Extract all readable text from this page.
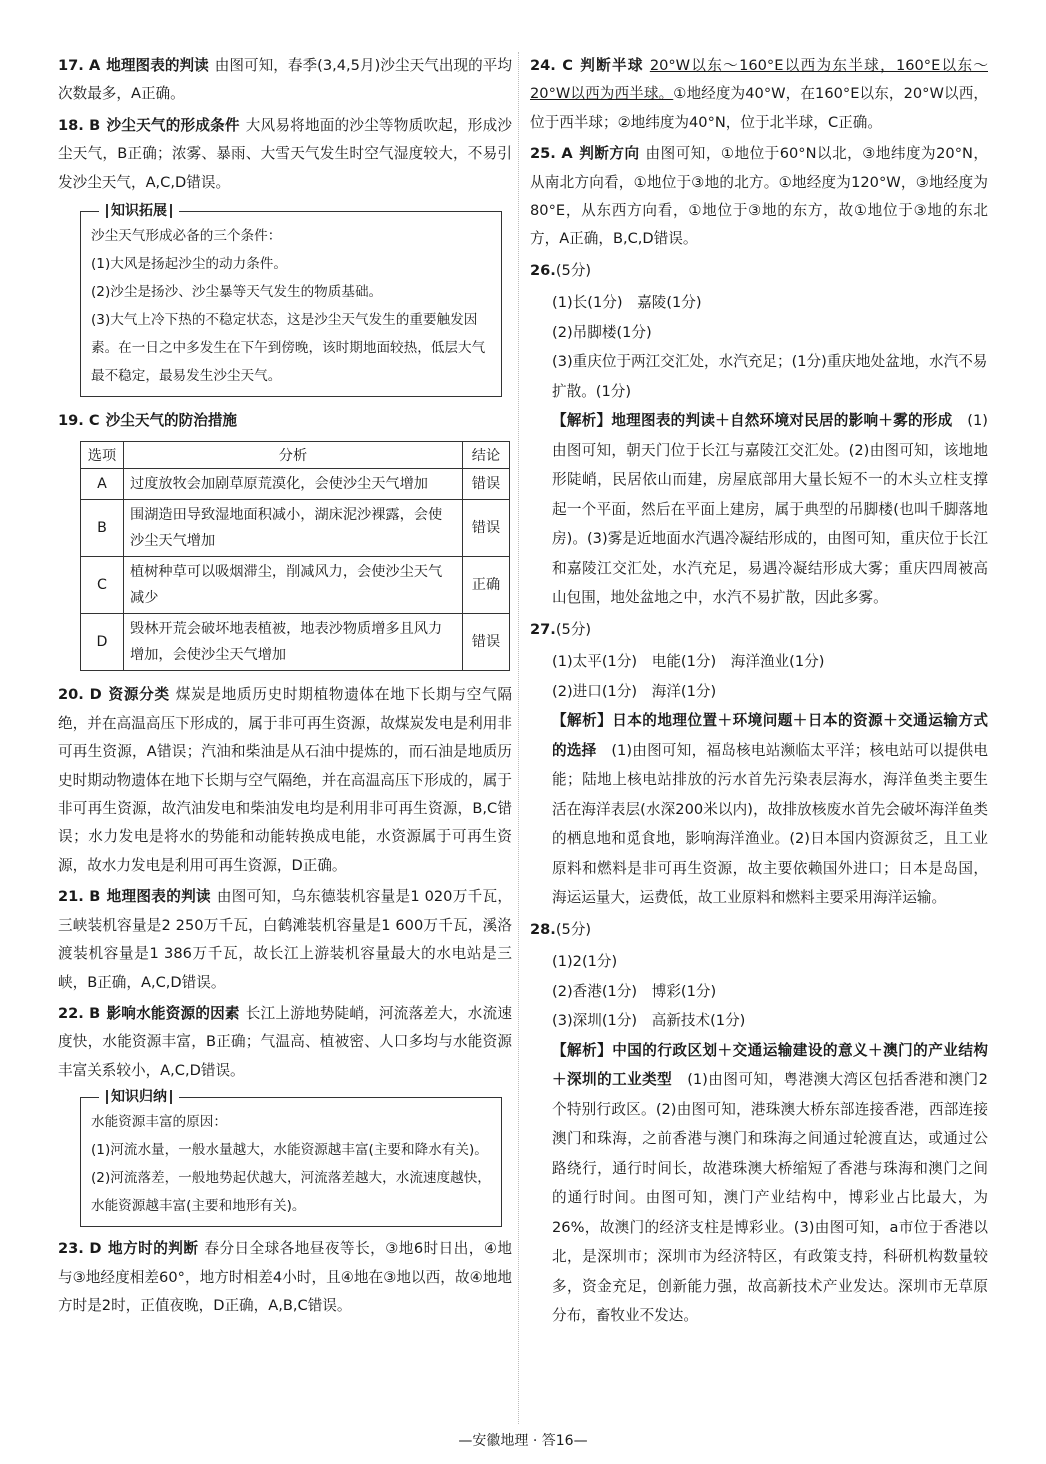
17. A 地理图表的判读 由图可知，春季(3,4,5月)沙尘天气出现的平均次数最多，A正确。

18. B 沙尘天气的形成条件 大风易将地面的沙尘等物质吹起，形成沙尘天气，B正确；浓雾、暴雨、大雪天气发生时空气湿度较大，不易引发沙尘天气，A,C,D错误。

知识拓展

沙尘天气形成必备的三个条件：

(1)大风是扬起沙尘的动力条件。

(2)沙尘是扬沙、沙尘暴等天气发生的物质基础。

(3)大气上冷下热的不稳定状态，这是沙尘天气发生的重要触发因素。在一日之中多发生在下午到傍晚，该时期地面较热，低层大气最不稳定，最易发生沙尘天气。

19. C 沙尘天气的防治措施

选项	分析	结论
A	过度放牧会加剧草原荒漠化，会使沙尘天气增加	错误
B	围湖造田导致湿地面积减小，湖床泥沙裸露，会使沙尘天气增加	错误
C	植树种草可以吸烟滞尘，削减风力，会使沙尘天气减少	正确
D	毁林开荒会破坏地表植被，地表沙物质增多且风力增加，会使沙尘天气增加	错误

20. D 资源分类 煤炭是地质历史时期植物遗体在地下长期与空气隔绝，并在高温高压下形成的，属于非可再生资源，故煤炭发电是利用非可再生资源，A错误；汽油和柴油是从石油中提炼的，而石油是地质历史时期动物遗体在地下长期与空气隔绝，并在高温高压下形成的，属于非可再生资源，故汽油发电和柴油发电均是利用非可再生资源，B,C错误；水力发电是将水的势能和动能转换成电能，水资源属于可再生资源，故水力发电是利用可再生资源，D正确。

21. B 地理图表的判读 由图可知，乌东德装机容量是1 020万千瓦，三峡装机容量是2 250万千瓦，白鹤滩装机容量是1 600万千瓦，溪洛渡装机容量是1 386万千瓦，故长江上游装机容量最大的水电站是三峡，B正确，A,C,D错误。

22. B 影响水能资源的因素 长江上游地势陡峭，河流落差大，水流速度快，水能资源丰富，B正确；气温高、植被密、人口多均与水能资源丰富关系较小，A,C,D错误。

知识归纳

水能资源丰富的原因：

(1)河流水量，一般水量越大，水能资源越丰富(主要和降水有关)。

(2)河流落差，一般地势起伏越大，河流落差越大，水流速度越快，水能资源越丰富(主要和地形有关)。

23. D 地方时的判断 春分日全球各地昼夜等长，③地6时日出，④地与③地经度相差60°，地方时相差4小时，且④地在③地以西，故④地地方时是2时，正值夜晚，D正确，A,B,C错误。

24. C 判断半球 20°W以东～160°E以西为东半球，160°E以东～20°W以西为西半球。①地经度为40°W，在160°E以东，20°W以西，位于西半球；②地纬度为40°N，位于北半球，C正确。

25. A 判断方向 由图可知，①地位于60°N以北，③地纬度为20°N，从南北方向看，①地位于③地的北方。①地经度为120°W，③地经度为80°E，从东西方向看，①地位于③地的东方，故①地位于③地的东北方，A正确，B,C,D错误。

26.(5分)

(1)长(1分)　嘉陵(1分)

(2)吊脚楼(1分)

(3)重庆位于两江交汇处，水汽充足；(1分)重庆地处盆地，水汽不易扩散。(1分)

【解析】地理图表的判读＋自然环境对民居的影响＋雾的形成　 (1)由图可知，朝天门位于长江与嘉陵江交汇处。(2)由图可知，该地地形陡峭，民居依山而建，房屋底部用大量长短不一的木头立柱支撑起一个平面，然后在平面上建房，属于典型的吊脚楼(也叫千脚落地房)。(3)雾是近地面水汽遇冷凝结形成的，由图可知，重庆位于长江和嘉陵江交汇处，水汽充足，易遇冷凝结形成大雾；重庆四周被高山包围，地处盆地之中，水汽不易扩散，因此多雾。

27.(5分)

(1)太平(1分)　电能(1分)　海洋渔业(1分)

(2)进口(1分)　海洋(1分)

【解析】日本的地理位置＋环境问题＋日本的资源＋交通运输方式的选择　 (1)由图可知，福岛核电站濒临太平洋；核电站可以提供电能；陆地上核电站排放的污水首先污染表层海水，海洋鱼类主要生活在海洋表层(水深200米以内)，故排放核废水首先会破坏海洋鱼类的栖息地和觅食地，影响海洋渔业。(2)日本国内资源贫乏，且工业原料和燃料是非可再生资源，故主要依赖国外进口；日本是岛国，海运运量大，运费低，故工业原料和燃料主要采用海洋运输。

28.(5分)

(1)2(1分)

(2)香港(1分)　博彩(1分)

(3)深圳(1分)　高新技术(1分)

【解析】中国的行政区划＋交通运输建设的意义＋澳门的产业结构＋深圳的工业类型　 (1)由图可知，粤港澳大湾区包括香港和澳门2个特别行政区。(2)由图可知，港珠澳大桥东部连接香港，西部连接澳门和珠海，之前香港与澳门和珠海之间通过轮渡直达，或通过公路绕行，通行时间长，故港珠澳大桥缩短了香港与珠海和澳门之间的通行时间。由图可知，澳门产业结构中，博彩业占比最大，为26%，故澳门的经济支柱是博彩业。(3)由图可知，a市位于香港以北，是深圳市；深圳市为经济特区，有政策支持，科研机构数量较多，资金充足，创新能力强，故高新技术产业发达。深圳市无草原分布，畜牧业不发达。

—安徽地理 · 答16—
